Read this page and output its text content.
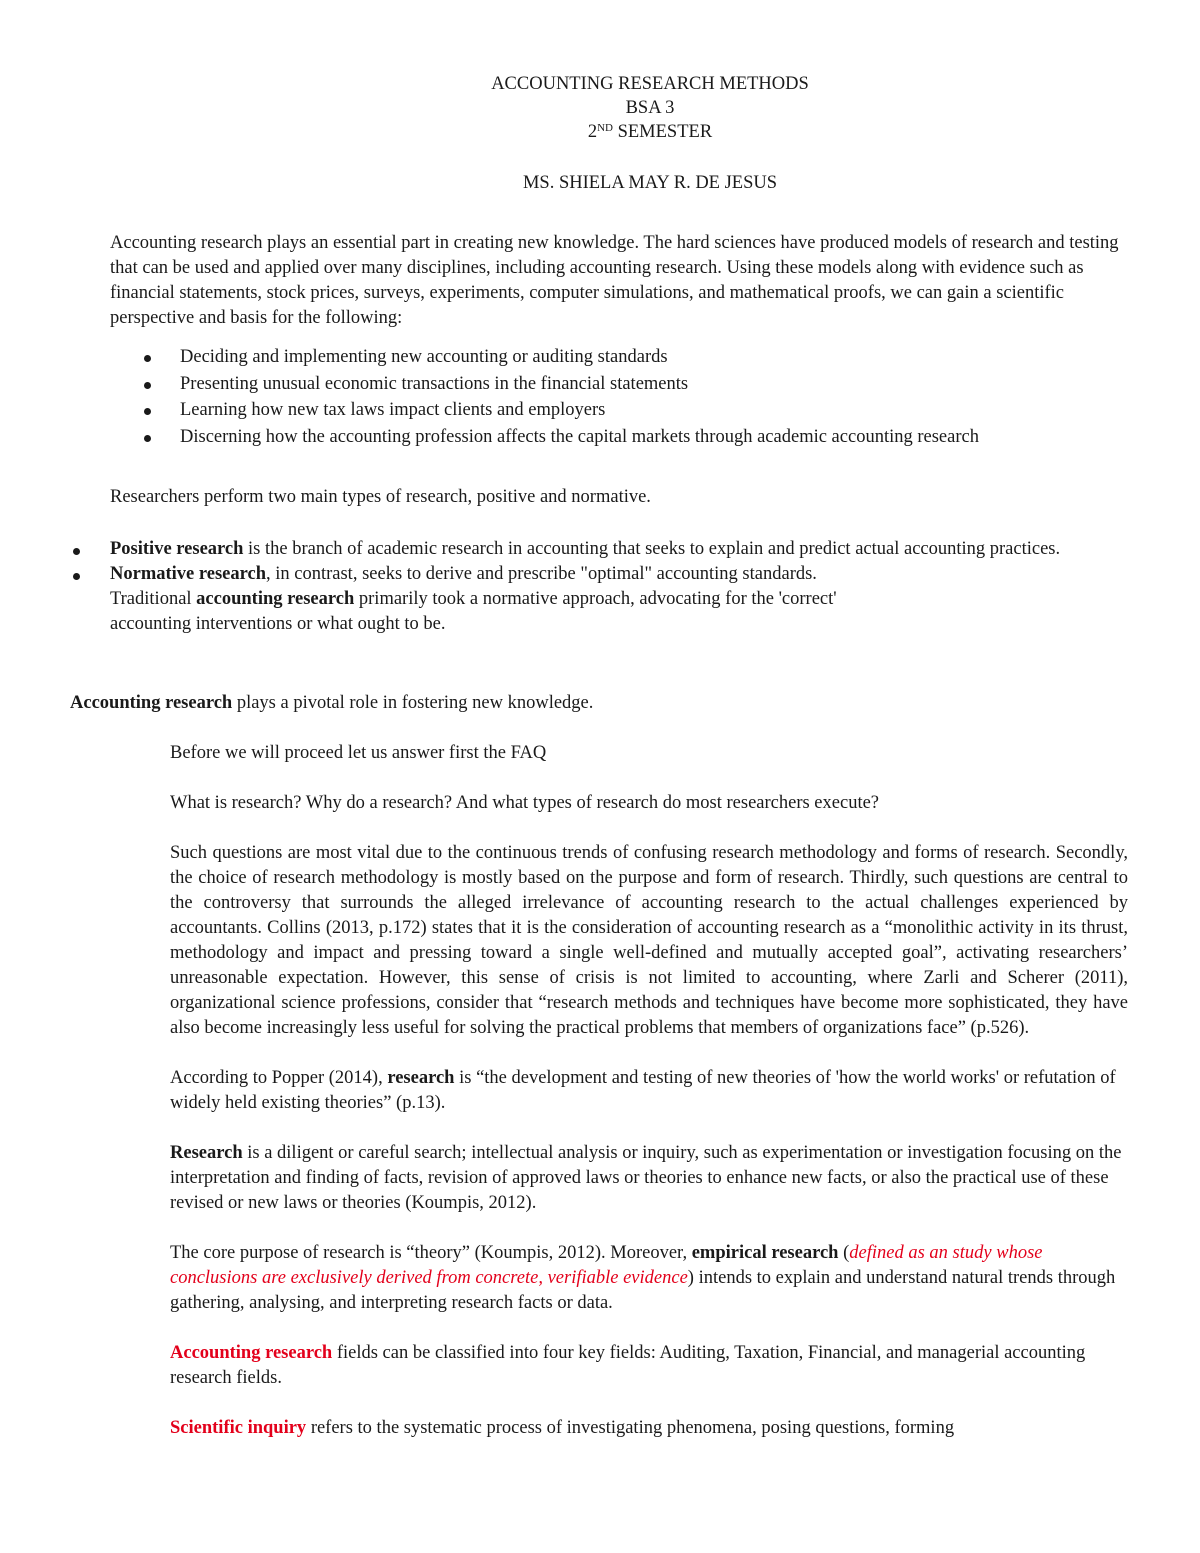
ACCOUNTING RESEARCH METHODS
BSA 3
2ND SEMESTER
MS. SHIELA MAY R. DE JESUS

Accounting research plays an essential part in creating new knowledge. The hard sciences have produced models of research and testing that can be used and applied over many disciplines, including accounting research. Using these models along with evidence such as financial statements, stock prices, surveys, experiments, computer simulations, and mathematical proofs, we can gain a scientific perspective and basis for the following:

Deciding and implementing new accounting or auditing standards
Presenting unusual economic transactions in the financial statements
Learning how new tax laws impact clients and employers
Discerning how the accounting profession affects the capital markets through academic accounting research

Researchers perform two main types of research, positive and normative.

Positive research is the branch of academic research in accounting that seeks to explain and predict actual accounting practices.
Normative research, in contrast, seeks to derive and prescribe "optimal" accounting standards.
Traditional accounting research primarily took a normative approach, advocating for the 'correct'
accounting interventions or what ought to be.

Accounting research plays a pivotal role in fostering new knowledge.

Before we will proceed let us answer first the FAQ

What is research? Why do a research? And what types of research do most researchers execute?

Such questions are most vital due to the continuous trends of confusing research methodology and forms of research. Secondly, the choice of research methodology is mostly based on the purpose and form of research. Thirdly, such questions are central to the controversy that surrounds the alleged irrelevance of accounting research to the actual challenges experienced by accountants. Collins (2013, p.172) states that it is the consideration of accounting research as a “monolithic activity in its thrust, methodology and impact and pressing toward a single well-defined and mutually accepted goal”, activating researchers’ unreasonable expectation. However, this sense of crisis is not limited to accounting, where Zarli and Scherer (2011), organizational science professions, consider that “research methods and techniques have become more sophisticated, they have also become increasingly less useful for solving the practical problems that members of organizations face” (p.526).

According to Popper (2014), research is “the development and testing of new theories of 'how the world works' or refutation of widely held existing theories” (p.13).

Research is a diligent or careful search; intellectual analysis or inquiry, such as experimentation or investigation focusing on the interpretation and finding of facts, revision of approved laws or theories to enhance new facts, or also the practical use of these revised or new laws or theories (Koumpis, 2012).

The core purpose of research is “theory” (Koumpis, 2012). Moreover, empirical research (defined as an study whose conclusions are exclusively derived from concrete, verifiable evidence) intends to explain and understand natural trends through gathering, analysing, and interpreting research facts or data.

Accounting research fields can be classified into four key fields: Auditing, Taxation, Financial, and managerial accounting research fields.

Scientific inquiry refers to the systematic process of investigating phenomena, posing questions, forming
